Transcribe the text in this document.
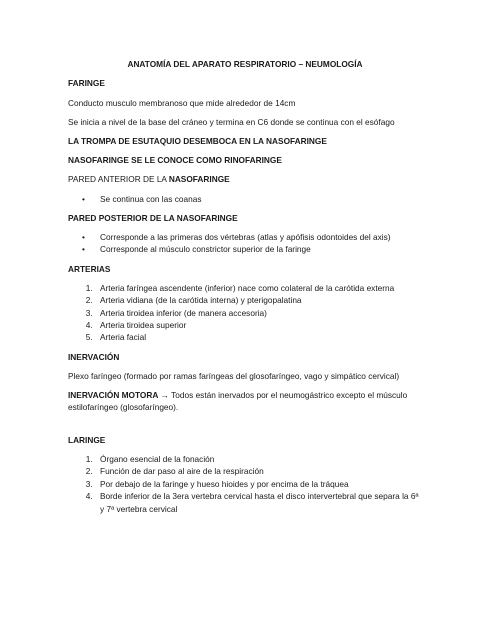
ANATOMÍA DEL APARATO RESPIRATORIO – NEUMOLOGÍA

FARINGE

Conducto musculo membranoso que mide alrededor de 14cm

Se inicia a nivel de la base del cráneo y termina en C6 donde se continua con el esófago

LA TROMPA DE ESUTAQUIO DESEMBOCA EN LA NASOFARINGE

NASOFARINGE SE LE CONOCE COMO RINOFARINGE

PARED ANTERIOR DE LA NASOFARINGE

• Se continua con las coanas

PARED POSTERIOR DE LA NASOFARINGE

• Corresponde a las primeras dos vértebras (atlas y apófisis odontoides del axis)
• Corresponde al músculo constrictor superior de la faringe

ARTERIAS

1. Arteria faríngea ascendente (inferior) nace como colateral de la carótida externa
2. Arteria vidiana (de la carótida interna) y pterigopalatina
3. Arteria tiroidea inferior (de manera accesoria)
4. Arteria tiroidea superior
5. Arteria facial

INERVACIÓN

Plexo faríngeo (formado por ramas faríngeas del glosofaríngeo, vago y simpático cervical)

INERVACIÓN MOTORA → Todos están inervados por el neumogástrico excepto el músculo estilofaríngeo (glosofaríngeo).

LARINGE

1. Órgano esencial de la fonación
2. Función de dar paso al aire de la respiración
3. Por debajo de la faringe y hueso hioides y por encima de la tráquea
4. Borde inferior de la 3era vertebra cervical hasta el disco intervertebral que separa la 6ª y 7ª vertebra cervical
